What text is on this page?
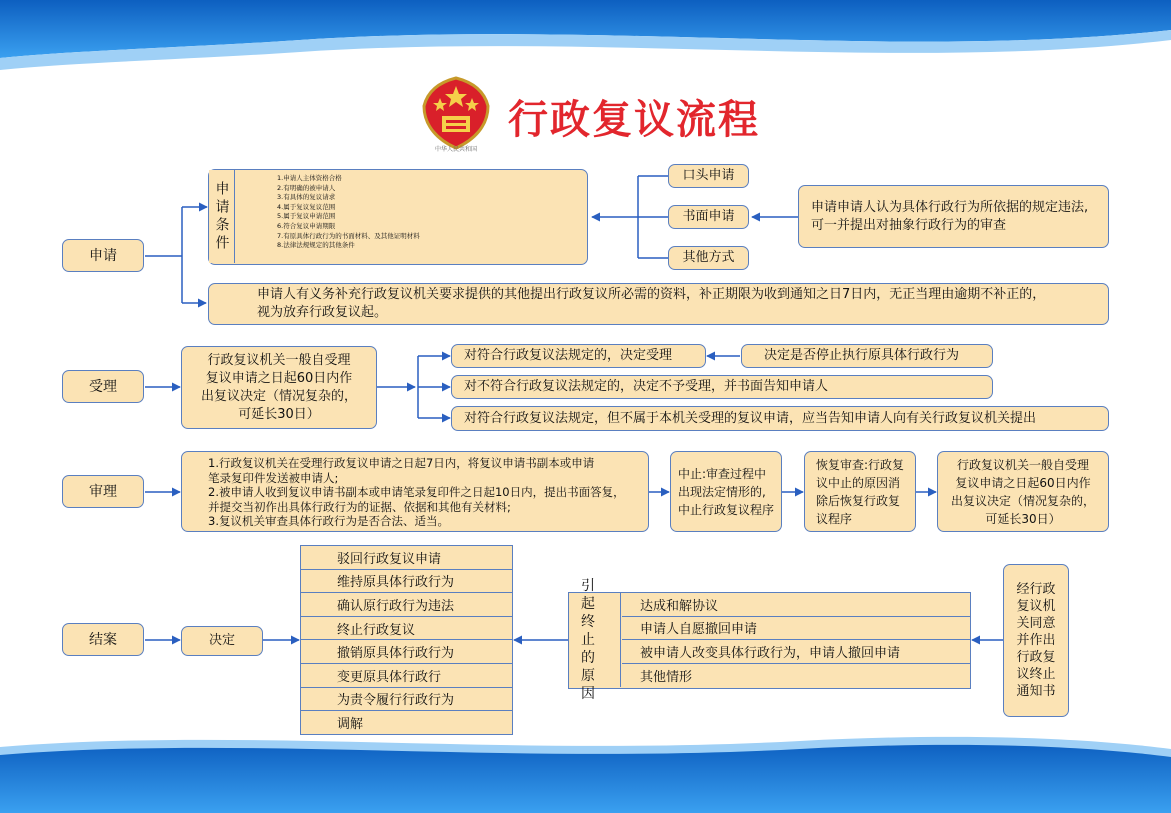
中华人民共和国
行政复议流程
申请
受理
审理
结案
申请条件
1.申请人主体资格合格
2.有明确的被申请人
3.有具体的复议请求
4.属于复议复议范围
5.属于复议申请范围
6.符合复议申请期限
7.有原具体行政行为的书面材料、及其他证明材料
8.法律法规规定的其他条件
口头申请
书面申请
其他方式
申请申请人认为具体行政行为所依据的规定违法,
可一并提出对抽象行政行为的审查
申请人有义务补充行政复议机关要求提供的其他提出行政复议所必需的资料，补正期限为收到通知之日7日内，无正当理由逾期不补正的，
视为放弃行政复议起。
行政复议机关一般自受理
复议申请之日起60日内作
出复议决定（情况复杂的，
可延长30日）
对符合行政复议法规定的，决定受理	决定是否停止执行原具体行政行为
对不符合行政复议法规定的，决定不予受理，并书面告知申请人
对符合行政复议法规定，但不属于本机关受理的复议申请，应当告知申请人向有关行政复议机关提出
1.行政复议机关在受理行政复议申请之日起7日内，将复议申请书副本或申请
笔录复印件发送被申请人;
2.被申请人收到复议申请书副本或申请笔录复印件之日起10日内，提出书面答复，
并提交当初作出具体行政行为的证据、依据和其他有关材料;
3.复议机关审查具体行政行为是否合法、适当。
中止:审查过程中
出现法定情形的,
中止行政复议程序
恢复审查:行政复
议中止的原因消
除后恢复行政复
议程序
行政复议机关一般自受理
复议申请之日起60日内作
出复议决定（情况复杂的，
可延长30日）
决定
驳回行政复议申请
维持原具体行政行为
确认原行政行为违法
终止行政复议
撤销原具体行政行为
变更原具体行政行
为责令履行行政行为
调解
引起终止的原因
达成和解协议
申请人自愿撤回申请
被申请人改变具体行政行为，申请人撤回申请
其他情形
经行政复议机关同意并作出行政复议终止通知书
